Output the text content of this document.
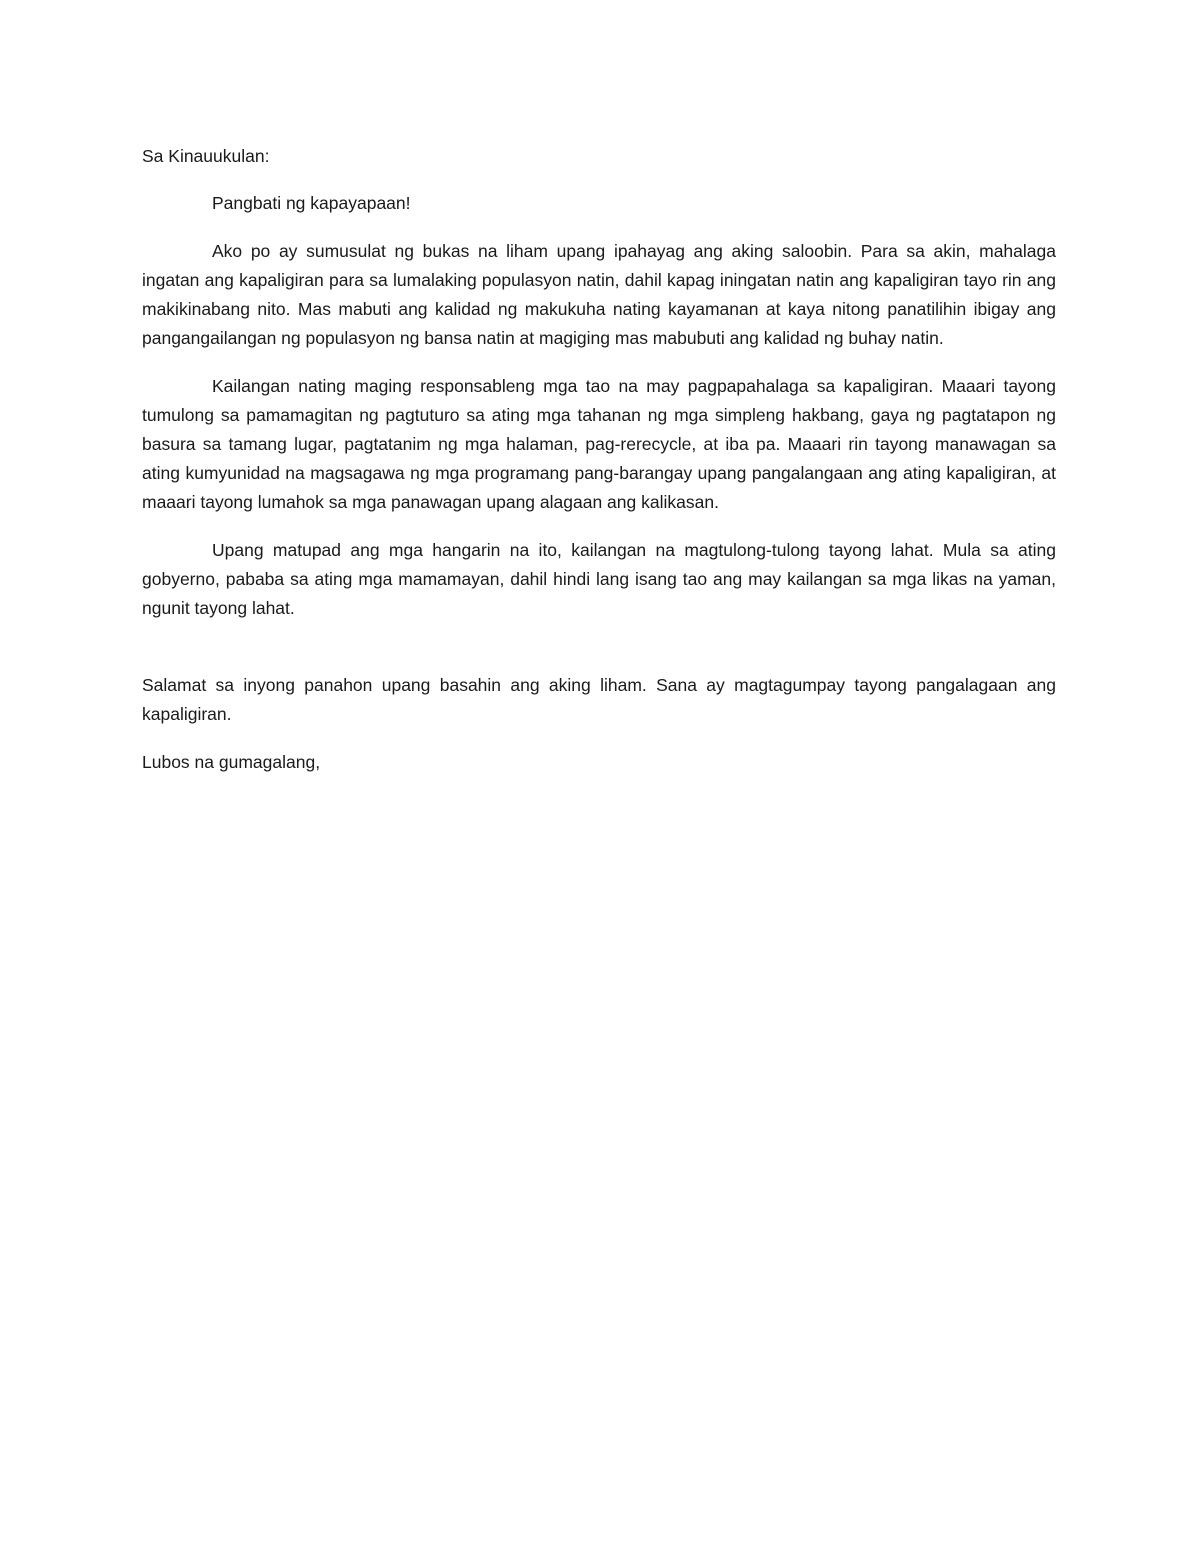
Sa Kinauukulan:

Pangbati ng kapayapaan!

Ako po ay sumusulat ng bukas na liham upang ipahayag ang aking saloobin. Para sa akin, mahalaga ingatan ang kapaligiran para sa lumalaking populasyon natin, dahil kapag iningatan natin ang kapaligiran tayo rin ang makikinabang nito. Mas mabuti ang kalidad ng makukuha nating kayamanan at kaya nitong panatilihin ibigay ang pangangailangan ng populasyon ng bansa natin at magiging mas mabubuti ang kalidad ng buhay natin.

Kailangan nating maging responsableng mga tao na may pagpapahalaga sa kapaligiran. Maaari tayong tumulong sa pamamagitan ng pagtuturo sa ating mga tahanan ng mga simpleng hakbang, gaya ng pagtatapon ng basura sa tamang lugar, pagtatanim ng mga halaman, pag-rerecycle, at iba pa. Maaari rin tayong manawagan sa ating kumyunidad na magsagawa ng mga programang pang-barangay upang pangalangaan ang ating kapaligiran, at maaari tayong lumahok sa mga panawagan upang alagaan ang kalikasan.

Upang matupad ang mga hangarin na ito, kailangan na magtulong-tulong tayong lahat. Mula sa ating gobyerno, pababa sa ating mga mamamayan, dahil hindi lang isang tao ang may kailangan sa mga likas na yaman, ngunit tayong lahat.

Salamat sa inyong panahon upang basahin ang aking liham. Sana ay magtagumpay tayong pangalagaan ang kapaligiran.

Lubos na gumagalang,
